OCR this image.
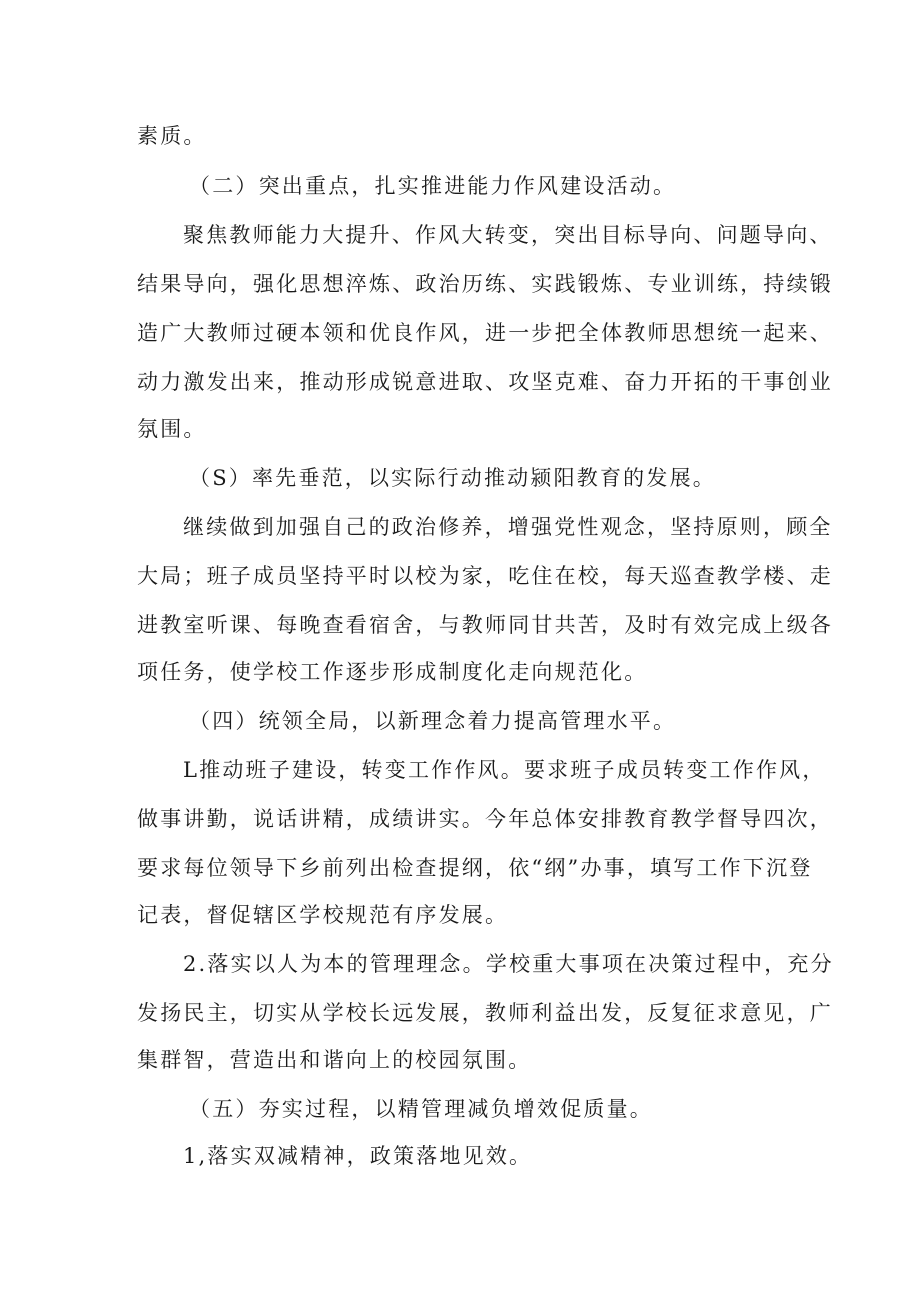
素质。
（二）突出重点，扎实推进能力作风建设活动。
聚焦教师能力大提升、作风大转变，突出目标导向、问题导向、
结果导向，强化思想淬炼、政治历练、实践锻炼、专业训练，持续锻
造广大教师过硬本领和优良作风，进一步把全体教师思想统一起来、
动力激发出来，推动形成锐意进取、攻坚克难、奋力开拓的干事创业
氛围。
（S）率先垂范，以实际行动推动颍阳教育的发展。
继续做到加强自己的政治修养，增强党性观念，坚持原则，顾全
大局；班子成员坚持平时以校为家，吃住在校，每天巡查教学楼、走
进教室听课、每晚查看宿舍，与教师同甘共苦，及时有效完成上级各
项任务，使学校工作逐步形成制度化走向规范化。
（四）统领全局，以新理念着力提高管理水平。
L推动班子建设，转变工作作风。要求班子成员转变工作作风，
做事讲勤，说话讲精，成绩讲实。今年总体安排教育教学督导四次，
要求每位领导下乡前列出检查提纲，依“纲”办事，填写工作下沉登
记表，督促辖区学校规范有序发展。
2.落实以人为本的管理理念。学校重大事项在决策过程中，充分
发扬民主，切实从学校长远发展，教师利益出发，反复征求意见，广
集群智，营造出和谐向上的校园氛围。
（五）夯实过程，以精管理减负增效促质量。
1,落实双减精神，政策落地见效。
